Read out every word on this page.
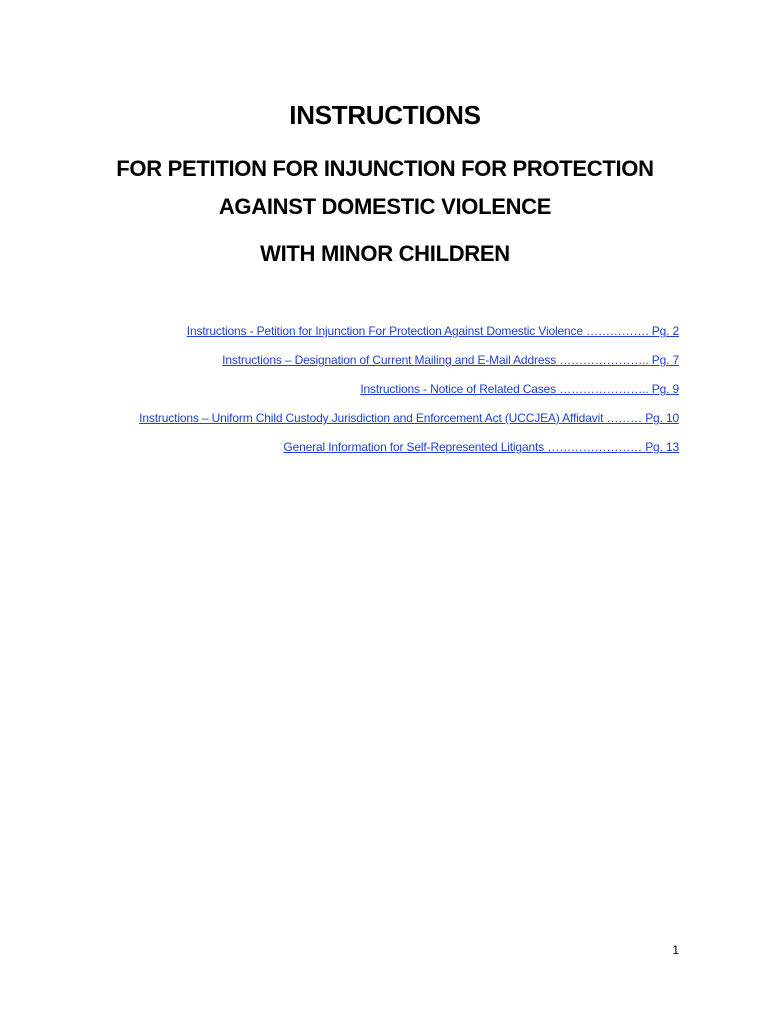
INSTRUCTIONS
FOR PETITION FOR INJUNCTION FOR PROTECTION
AGAINST DOMESTIC VIOLENCE
WITH MINOR CHILDREN
Instructions - Petition for Injunction For Protection Against Domestic Violence ……………. Pg. 2
Instructions – Designation of Current Mailing and E-Mail Address ………………….. Pg. 7
Instructions - Notice of Related Cases ………………….. Pg. 9
Instructions – Uniform Child Custody Jurisdiction and Enforcement Act (UCCJEA) Affidavit ……… Pg. 10
General Information for Self-Represented Litigants …………………… Pg. 13
1
